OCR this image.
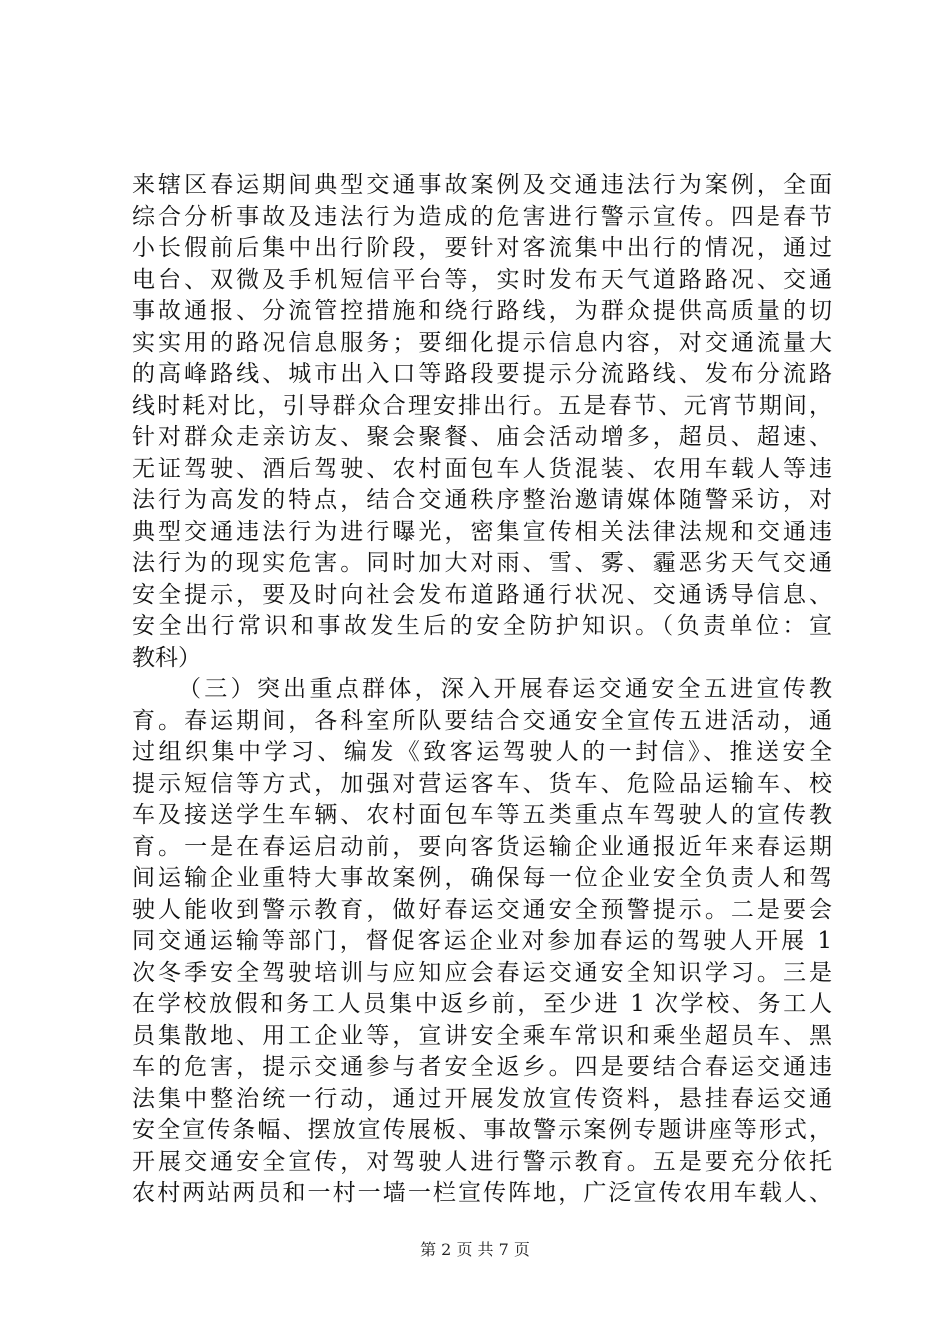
来辖区春运期间典型交通事故案例及交通违法行为案例，全面
综合分析事故及违法行为造成的危害进行警示宣传。四是春节
小长假前后集中出行阶段，要针对客流集中出行的情况，通过
电台、双微及手机短信平台等，实时发布天气道路路况、交通
事故通报、分流管控措施和绕行路线，为群众提供高质量的切
实实用的路况信息服务；要细化提示信息内容，对交通流量大
的高峰路线、城市出入口等路段要提示分流路线、发布分流路
线时耗对比，引导群众合理安排出行。五是春节、元宵节期间，
针对群众走亲访友、聚会聚餐、庙会活动增多，超员、超速、
无证驾驶、酒后驾驶、农村面包车人货混装、农用车载人等违
法行为高发的特点，结合交通秩序整治邀请媒体随警采访，对
典型交通违法行为进行曝光，密集宣传相关法律法规和交通违
法行为的现实危害。同时加大对雨、雪、雾、霾恶劣天气交通
安全提示，要及时向社会发布道路通行状况、交通诱导信息、
安全出行常识和事故发生后的安全防护知识。（负责单位：宣
教科）
（三）突出重点群体，深入开展春运交通安全五进宣传教
育。春运期间，各科室所队要结合交通安全宣传五进活动，通
过组织集中学习、编发《致客运驾驶人的一封信》、推送安全
提示短信等方式，加强对营运客车、货车、危险品运输车、校
车及接送学生车辆、农村面包车等五类重点车驾驶人的宣传教
育。一是在春运启动前，要向客货运输企业通报近年来春运期
间运输企业重特大事故案例，确保每一位企业安全负责人和驾
驶人能收到警示教育，做好春运交通安全预警提示。二是要会
同交通运输等部门，督促客运企业对参加春运的驾驶人开展 1
次冬季安全驾驶培训与应知应会春运交通安全知识学习。三是
在学校放假和务工人员集中返乡前，至少进 1 次学校、务工人
员集散地、用工企业等，宣讲安全乘车常识和乘坐超员车、黑
车的危害，提示交通参与者安全返乡。四是要结合春运交通违
法集中整治统一行动，通过开展发放宣传资料，悬挂春运交通
安全宣传条幅、摆放宣传展板、事故警示案例专题讲座等形式，
开展交通安全宣传，对驾驶人进行警示教育。五是要充分依托
农村两站两员和一村一墙一栏宣传阵地，广泛宣传农用车载人、
第 2 页 共 7 页
